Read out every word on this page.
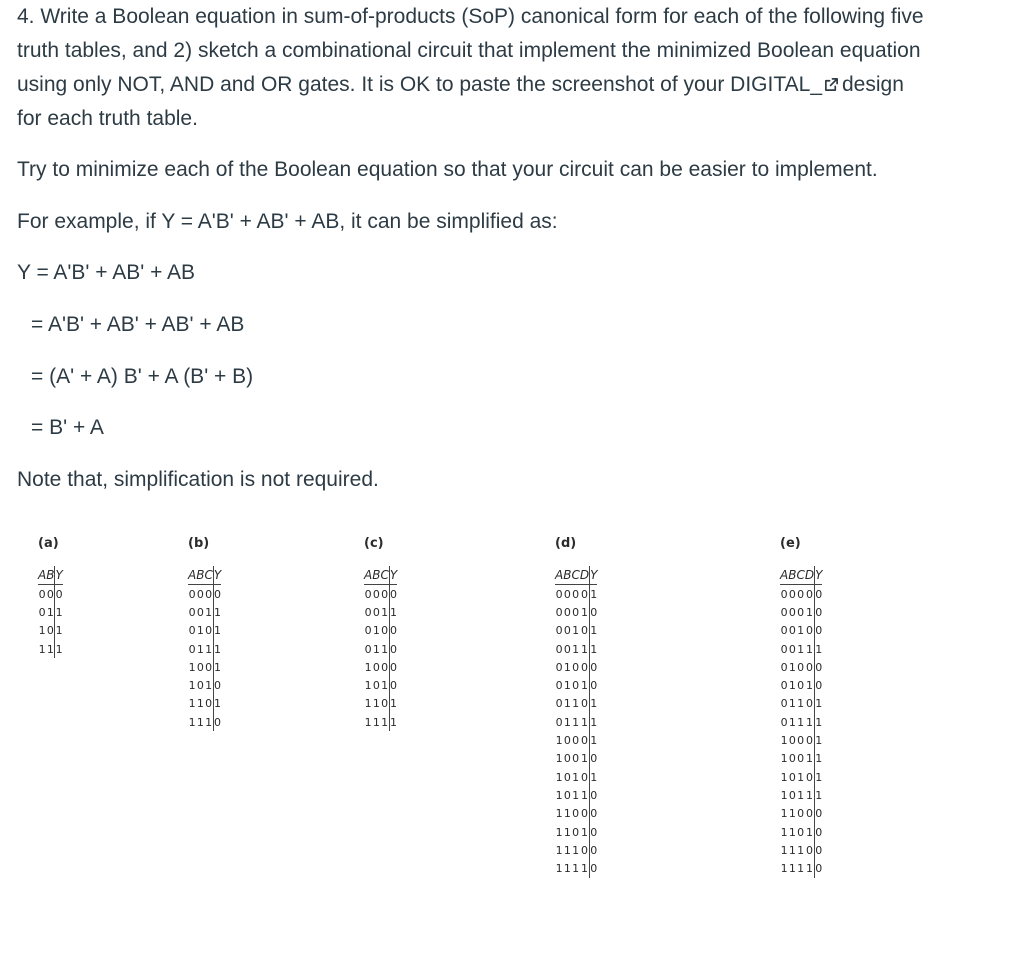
4. Write a Boolean equation in sum-of-products (SoP) canonical form for each of the following five
truth tables, and 2) sketch a combinational circuit that implement the minimized Boolean equation
using only NOT, AND and OR gates. It is OK to paste the screenshot of your DIGITAL_ design
for each truth table.
Try to minimize each of the Boolean equation so that your circuit can be easier to implement.
For example, if Y = A'B' + AB' + AB, it can be simplified as:
Y = A'B' + AB' + AB
= A'B' + AB' + AB' + AB
= (A' + A) B' + A (B' + B)
= B' + A
Note that, simplification is not required.
(a)
A	B	Y
0	0	0
0	1	1
1	0	1
1	1	1
(b)
A	B	C	Y
0	0	0	0
0	0	1	1
0	1	0	1
0	1	1	1
1	0	0	1
1	0	1	0
1	1	0	1
1	1	1	0
(c)
A	B	C	Y
0	0	0	0
0	0	1	1
0	1	0	0
0	1	1	0
1	0	0	0
1	0	1	0
1	1	0	1
1	1	1	1
(d)
A	B	C	D	Y
0	0	0	0	1
0	0	0	1	0
0	0	1	0	1
0	0	1	1	1
0	1	0	0	0
0	1	0	1	0
0	1	1	0	1
0	1	1	1	1
1	0	0	0	1
1	0	0	1	0
1	0	1	0	1
1	0	1	1	0
1	1	0	0	0
1	1	0	1	0
1	1	1	0	0
1	1	1	1	0
(e)
A	B	C	D	Y
0	0	0	0	0
0	0	0	1	0
0	0	1	0	0
0	0	1	1	1
0	1	0	0	0
0	1	0	1	0
0	1	1	0	1
0	1	1	1	1
1	0	0	0	1
1	0	0	1	1
1	0	1	0	1
1	0	1	1	1
1	1	0	0	0
1	1	0	1	0
1	1	1	0	0
1	1	1	1	0
